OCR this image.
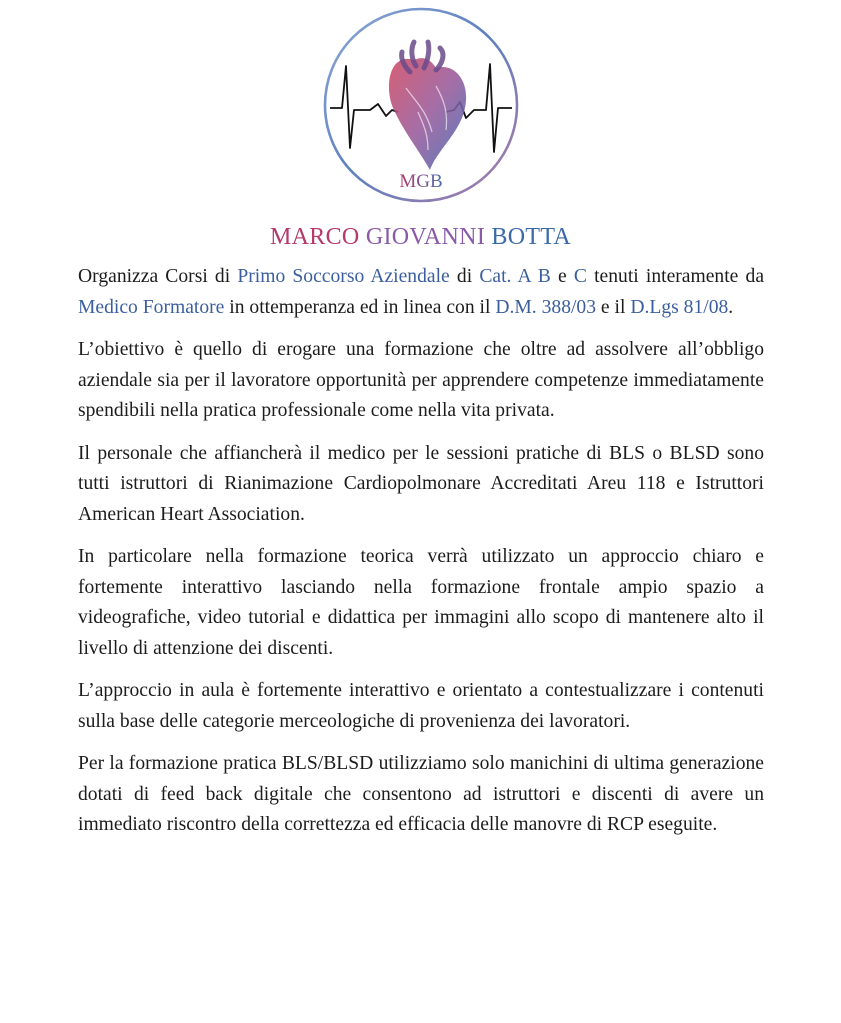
MGB
MARCO GIOVANNI BOTTA

Organizza Corsi di Primo Soccorso Aziendale di Cat. A B e C tenuti interamente da Medico Formatore in ottemperanza ed in linea con il D.M. 388/03 e il D.Lgs 81/08.

L’obiettivo è quello di erogare una formazione che oltre ad assolvere all’obbligo aziendale sia per il lavoratore opportunità per apprendere competenze immediatamente spendibili nella pratica professionale come nella vita privata.

Il personale che affiancherà il medico per le sessioni pratiche di BLS o BLSD sono tutti istruttori di Rianimazione Cardiopolmonare Accreditati Areu 118 e Istruttori American Heart Association.

In particolare nella formazione teorica verrà utilizzato un approccio chiaro e fortemente interattivo lasciando nella formazione frontale ampio spazio a videografiche, video tutorial e didattica per immagini allo scopo di mantenere alto il livello di attenzione dei discenti.

L’approccio in aula è fortemente interattivo e orientato a contestualizzare i contenuti sulla base delle categorie merceologiche di provenienza dei lavoratori.

Per la formazione pratica BLS/BLSD utilizziamo solo manichini di ultima generazione dotati di feed back digitale che consentono ad istruttori e discenti di avere un immediato riscontro della correttezza ed efficacia delle manovre di RCP eseguite.
